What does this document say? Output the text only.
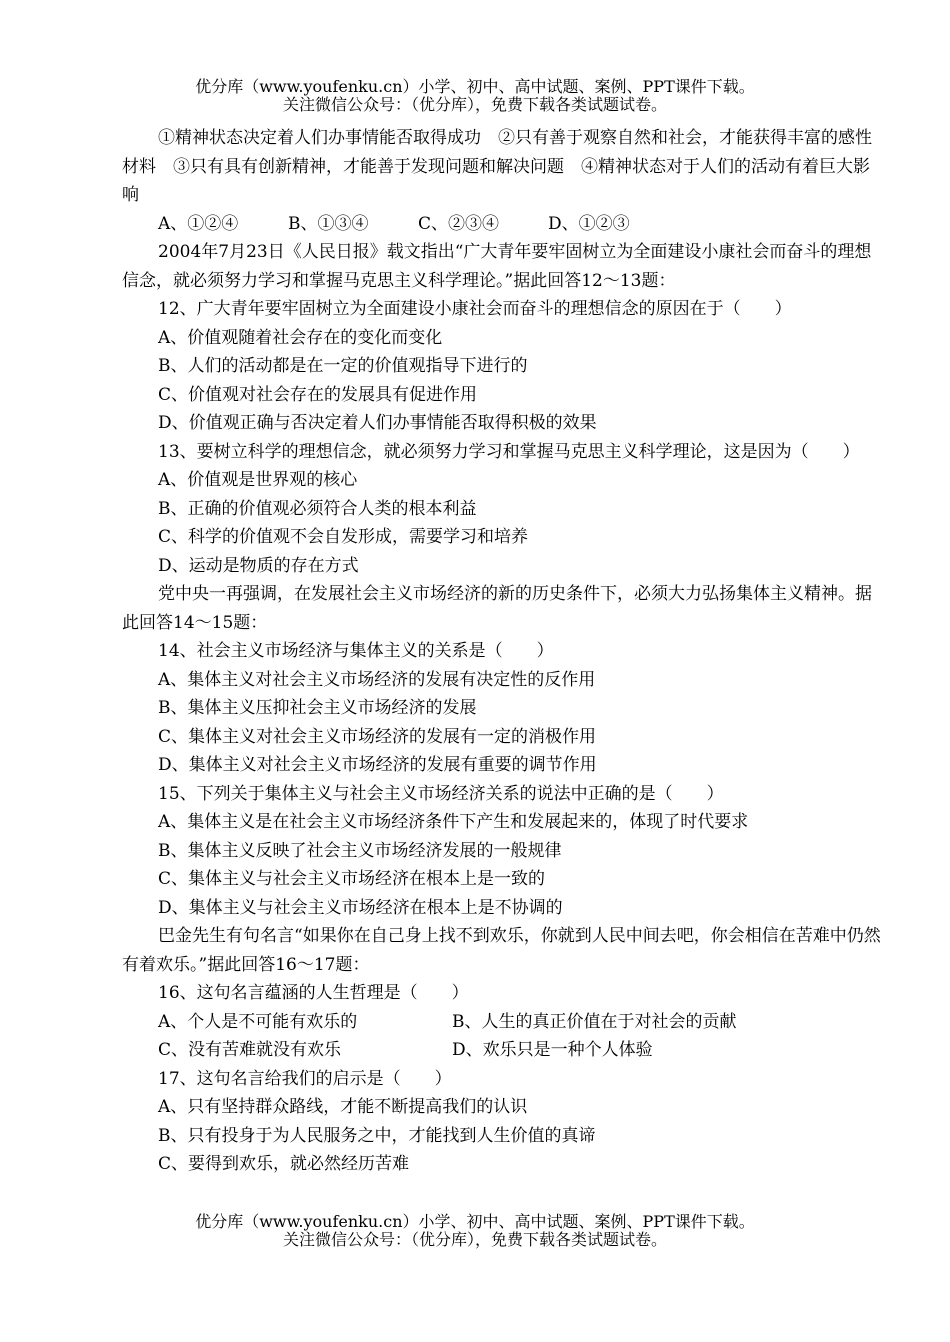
优分库（www.youfenku.cn）小学、初中、高中试题、案例、PPT课件下载。
关注微信公众号：（优分库），免费下载各类试题试卷。

①精神状态决定着人们办事情能否取得成功　②只有善于观察自然和社会，才能获得丰富的感性材料　③只有具有创新精神，才能善于发现问题和解决问题　④精神状态对于人们的活动有着巨大影响

A、①②④	B、①③④	C、②③④	D、①②③

2004年7月23日《人民日报》载文指出“广大青年要牢固树立为全面建设小康社会而奋斗的理想信念，就必须努力学习和掌握马克思主义科学理论。”据此回答12～13题：

12、广大青年要牢固树立为全面建设小康社会而奋斗的理想信念的原因在于（　　）

A、价值观随着社会存在的变化而变化

B、人们的活动都是在一定的价值观指导下进行的

C、价值观对社会存在的发展具有促进作用

D、价值观正确与否决定着人们办事情能否取得积极的效果

13、要树立科学的理想信念，就必须努力学习和掌握马克思主义科学理论，这是因为（　　）

A、价值观是世界观的核心

B、正确的价值观必须符合人类的根本利益

C、科学的价值观不会自发形成，需要学习和培养

D、运动是物质的存在方式

党中央一再强调，在发展社会主义市场经济的新的历史条件下，必须大力弘扬集体主义精神。据此回答14～15题：

14、社会主义市场经济与集体主义的关系是（　　）

A、集体主义对社会主义市场经济的发展有决定性的反作用

B、集体主义压抑社会主义市场经济的发展

C、集体主义对社会主义市场经济的发展有一定的消极作用

D、集体主义对社会主义市场经济的发展有重要的调节作用

15、下列关于集体主义与社会主义市场经济关系的说法中正确的是（　　）

A、集体主义是在社会主义市场经济条件下产生和发展起来的，体现了时代要求

B、集体主义反映了社会主义市场经济发展的一般规律

C、集体主义与社会主义市场经济在根本上是一致的

D、集体主义与社会主义市场经济在根本上是不协调的

巴金先生有句名言“如果你在自己身上找不到欢乐，你就到人民中间去吧，你会相信在苦难中仍然有着欢乐。”据此回答16～17题：

16、这句名言蕴涵的人生哲理是（　　）

A、个人是不可能有欢乐的	B、人生的真正价值在于对社会的贡献
C、没有苦难就没有欢乐	D、欢乐只是一种个人体验

17、这句名言给我们的启示是（　　）

A、只有坚持群众路线，才能不断提高我们的认识

B、只有投身于为人民服务之中，才能找到人生价值的真谛

C、要得到欢乐，就必然经历苦难

优分库（www.youfenku.cn）小学、初中、高中试题、案例、PPT课件下载。
关注微信公众号：（优分库），免费下载各类试题试卷。
